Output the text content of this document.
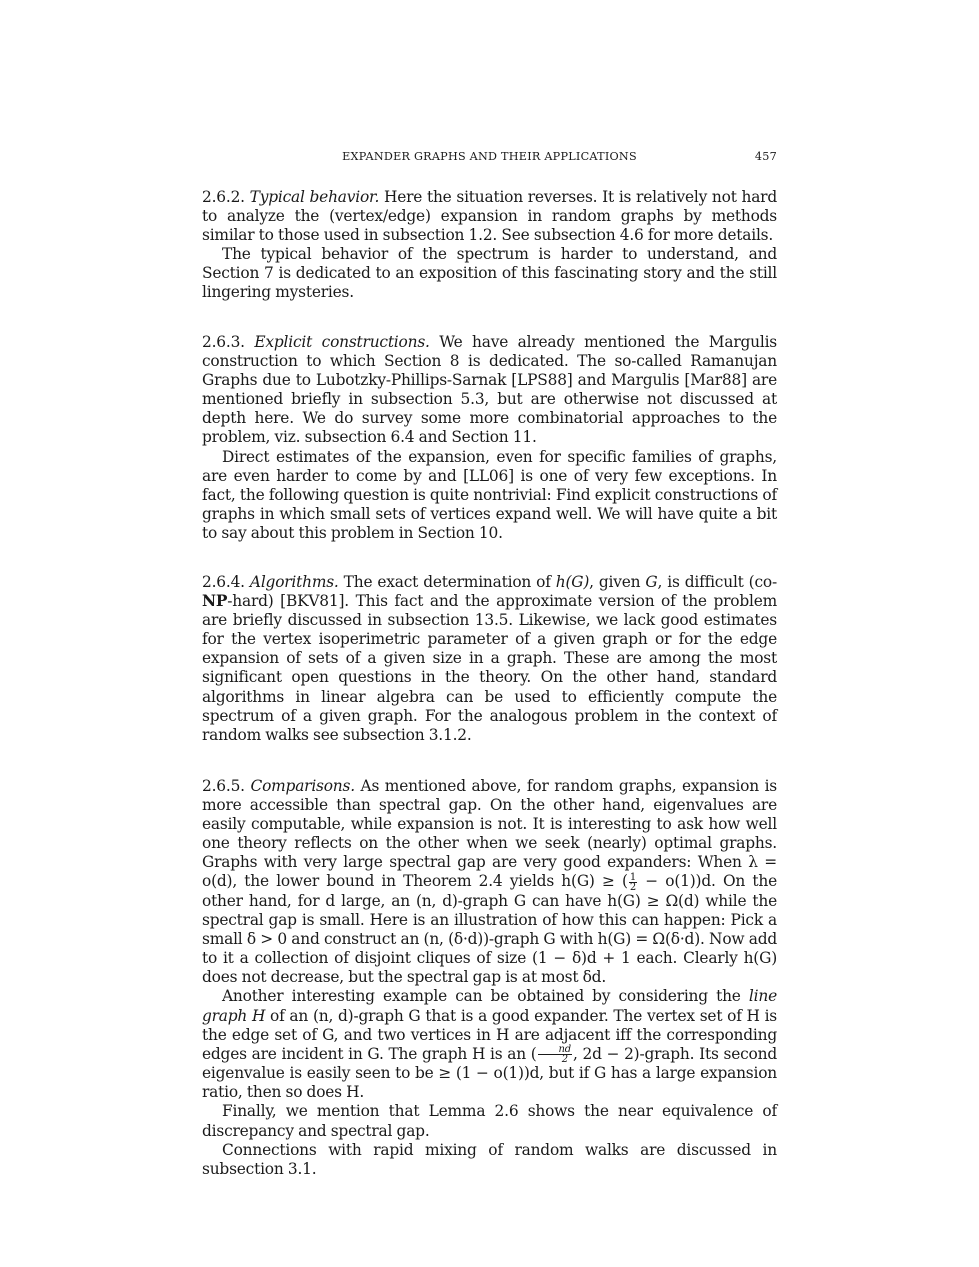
EXPANDER GRAPHS AND THEIR APPLICATIONS	457

2.6.2. Typical behavior. Here the situation reverses. It is relatively not hard to analyze the (vertex/edge) expansion in random graphs by methods similar to those used in subsection 1.2. See subsection 4.6 for more details.

The typical behavior of the spectrum is harder to understand, and Section 7 is dedicated to an exposition of this fascinating story and the still lingering mysteries.

2.6.3. Explicit constructions. We have already mentioned the Margulis construction to which Section 8 is dedicated. The so-called Ramanujan Graphs due to Lubotzky-Phillips-Sarnak [LPS88] and Margulis [Mar88] are mentioned briefly in subsection 5.3, but are otherwise not discussed at depth here. We do survey some more combinatorial approaches to the problem, viz. subsection 6.4 and Section 11.

Direct estimates of the expansion, even for specific families of graphs, are even harder to come by and [LL06] is one of very few exceptions. In fact, the following question is quite nontrivial: Find explicit constructions of graphs in which small sets of vertices expand well. We will have quite a bit to say about this problem in Section 10.

2.6.4. Algorithms. The exact determination of h(G), given G, is difficult (co-NP-hard) [BKV81]. This fact and the approximate version of the problem are briefly discussed in subsection 13.5. Likewise, we lack good estimates for the vertex isoperimetric parameter of a given graph or for the edge expansion of sets of a given size in a graph. These are among the most significant open questions in the theory. On the other hand, standard algorithms in linear algebra can be used to efficiently compute the spectrum of a given graph. For the analogous problem in the context of random walks see subsection 3.1.2.

2.6.5. Comparisons. As mentioned above, for random graphs, expansion is more accessible than spectral gap. On the other hand, eigenvalues are easily computable, while expansion is not. It is interesting to ask how well one theory reflects on the other when we seek (nearly) optimal graphs. Graphs with very large spectral gap are very good expanders: When λ = o(d), the lower bound in Theorem 2.4 yields h(G) ≥ ( $\frac{1}{2} - o(1))d$. On the other hand, for d large, an (n, d)-graph G can have h(G) ≥ Ω(d) while the spectral gap is small. Here is an illustration of how this can happen: Pick a small δ > 0 and construct an (n, (δ·d))-graph G with h(G) = Ω(δ·d). Now add to it a collection of disjoint cliques of size (1 − δ)d + 1 each. Clearly h(G) does not decrease, but the spectral gap is at most δd.

Another interesting example can be obtained by considering the line graph H of an (n, d)-graph G that is a good expander. The vertex set of H is the edge set of G, and two vertices in H are adjacent iff the corresponding edges are incident in G. The graph H is an ( $\frac{nd}{2}$ , 2d − 2)-graph. Its second eigenvalue is easily seen to be ≥ (1 − o(1))d, but if G has a large expansion ratio, then so does H.

Finally, we mention that Lemma 2.6 shows the near equivalence of discrepancy and spectral gap.

Connections with rapid mixing of random walks are discussed in subsection 3.1.
